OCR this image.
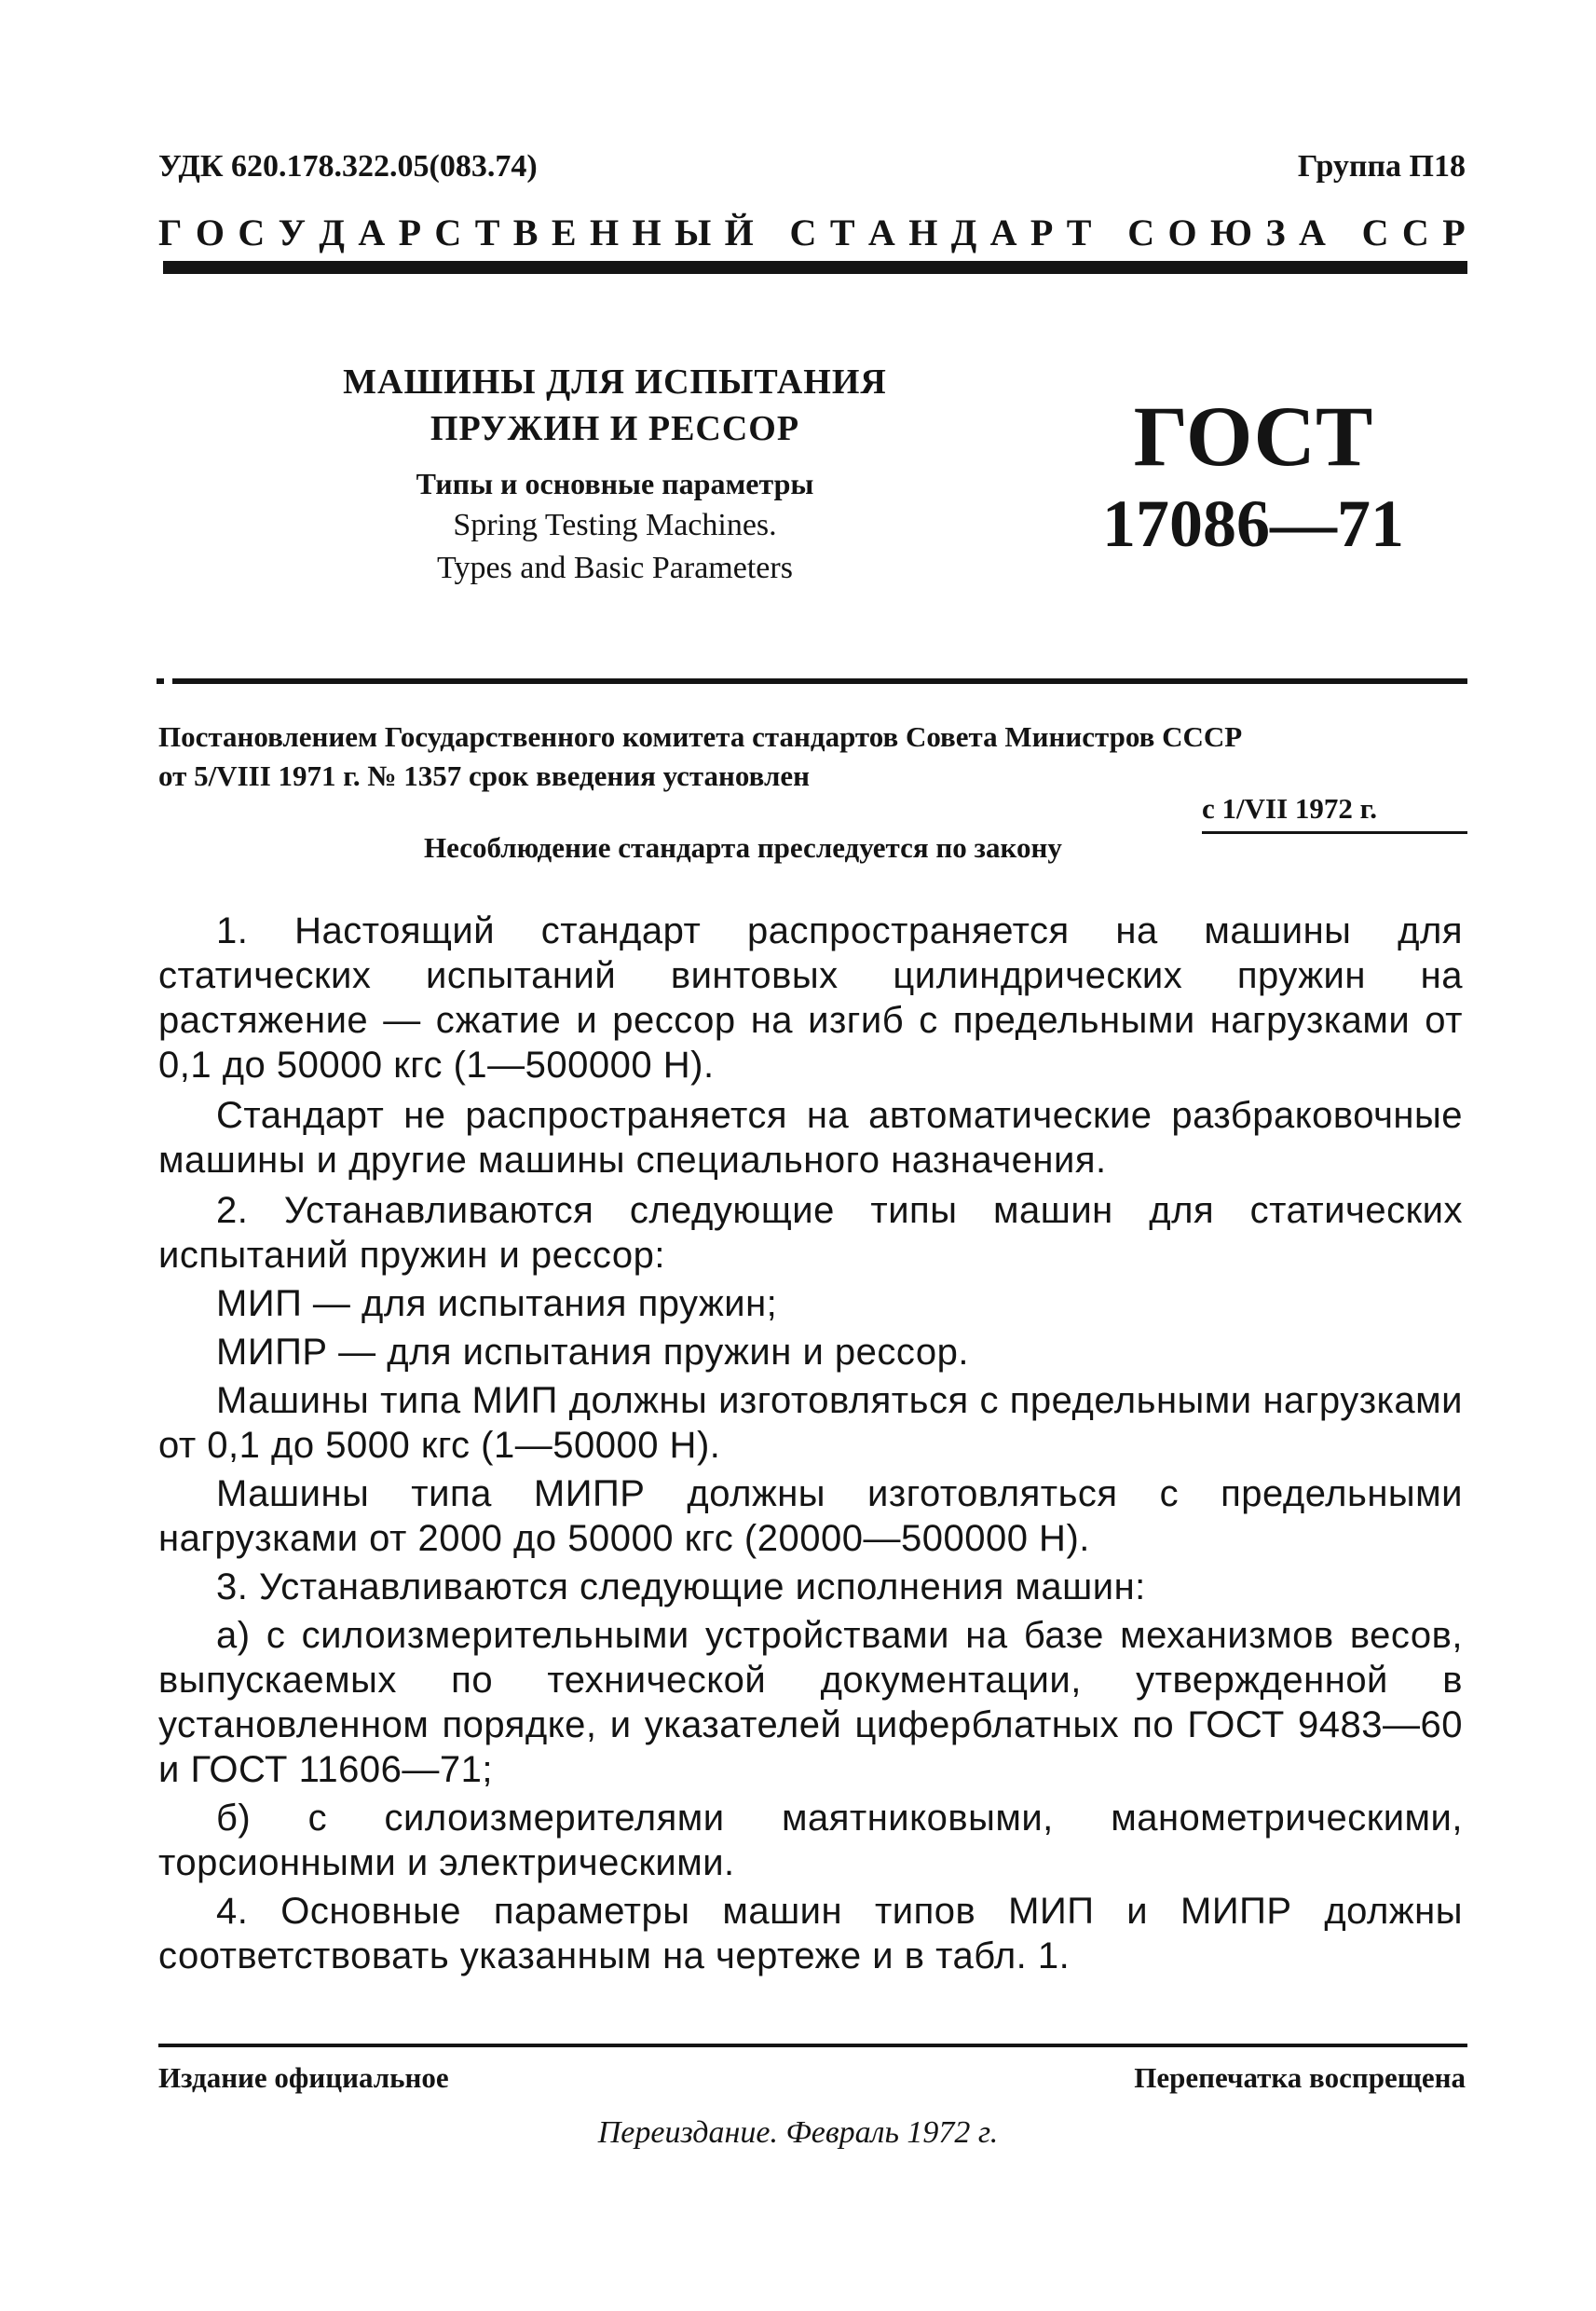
УДК 620.178.322.05(083.74)	Группа П18
Г О С У Д А Р С Т В Е Н Н Ы Й
С Т А Н Д А Р Т
С О Ю З А
С С Р
МАШИНЫ ДЛЯ ИСПЫТАНИЯ
ПРУЖИН И РЕССОР
Типы и основные параметры
Spring Testing Machines.
Types and Basic Parameters
ГОСТ
17086—71
Постановлением Государственного комитета стандартов Совета Министров СССР
от 5/VIII 1971 г. № 1357 срок введения установлен
с 1/VII 1972 г.
Несоблюдение стандарта преследуется по закону

1. Настоящий стандарт распространяется на машины для статических испытаний винтовых цилиндрических пружин на растяжение — сжатие и рессор на изгиб с предельными нагрузками от 0,1 до 50000 кгс (1—500000 Н).

Стандарт не распространяется на автоматические разбраковочные машины и другие машины специального назначения.

2. Устанавливаются следующие типы машин для статических испытаний пружин и рессор:

МИП — для испытания пружин;

МИПР — для испытания пружин и рессор.

Машины типа МИП должны изготовляться с предельными нагрузками от 0,1 до 5000 кгс (1—50000 Н).

Машины типа МИПР должны изготовляться с предельными нагрузками от 2000 до 50000 кгс (20000—500000 Н).

3. Устанавливаются следующие исполнения машин:

а) с силоизмерительными устройствами на базе механизмов весов, выпускаемых по технической документации, утвержденной в установленном порядке, и указателей циферблатных по ГОСТ 9483—60 и ГОСТ 11606—71;

б) с силоизмерителями маятниковыми, манометрическими, торсионными и электрическими.

4. Основные параметры машин типов МИП и МИПР должны соответствовать указанным на чертеже и в табл. 1.

Издание официальное	Перепечатка воспрещена
Переиздание. Февраль 1972 г.
